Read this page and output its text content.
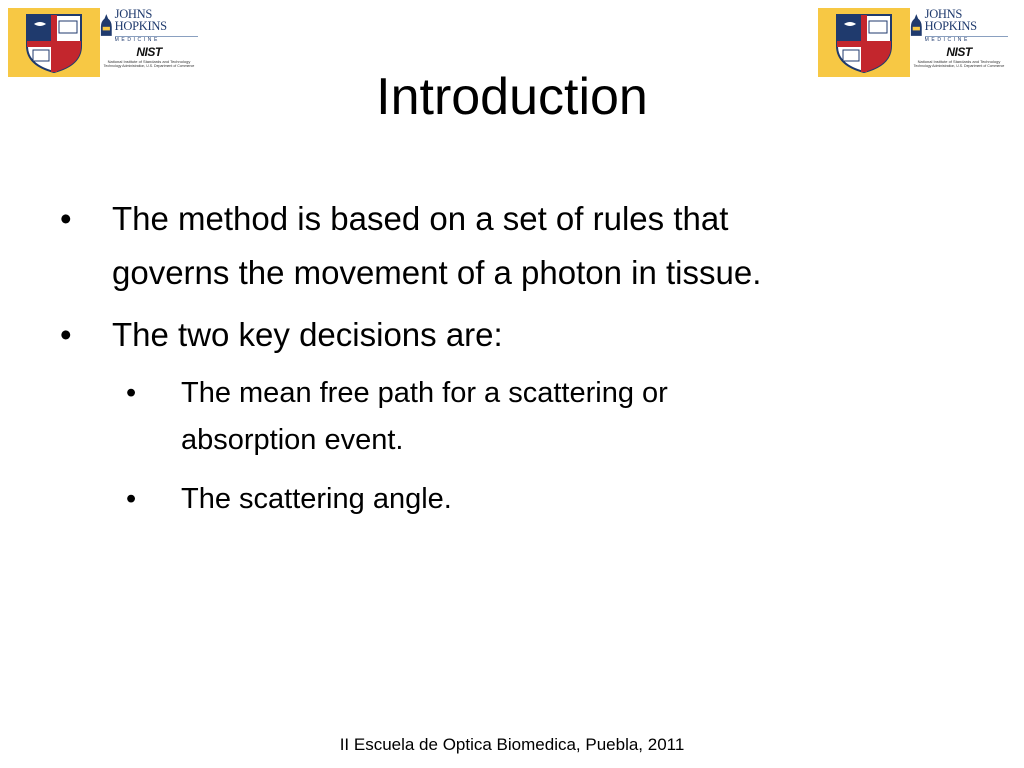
JOHNS HOPKINS
MEDICINE
NIST
National Institute of Standards and Technology
Technology Administration, U.S. Department of Commerce
JOHNS HOPKINS
MEDICINE
NIST
National Institute of Standards and Technology
Technology Administration, U.S. Department of Commerce
Introduction
• The method is based on a set of rules that
governs the movement of a photon in tissue.
• The two key decisions are:
• The mean free path for a scattering or
absorption event.
• The scattering angle.
II Escuela de Optica Biomedica, Puebla, 2011
